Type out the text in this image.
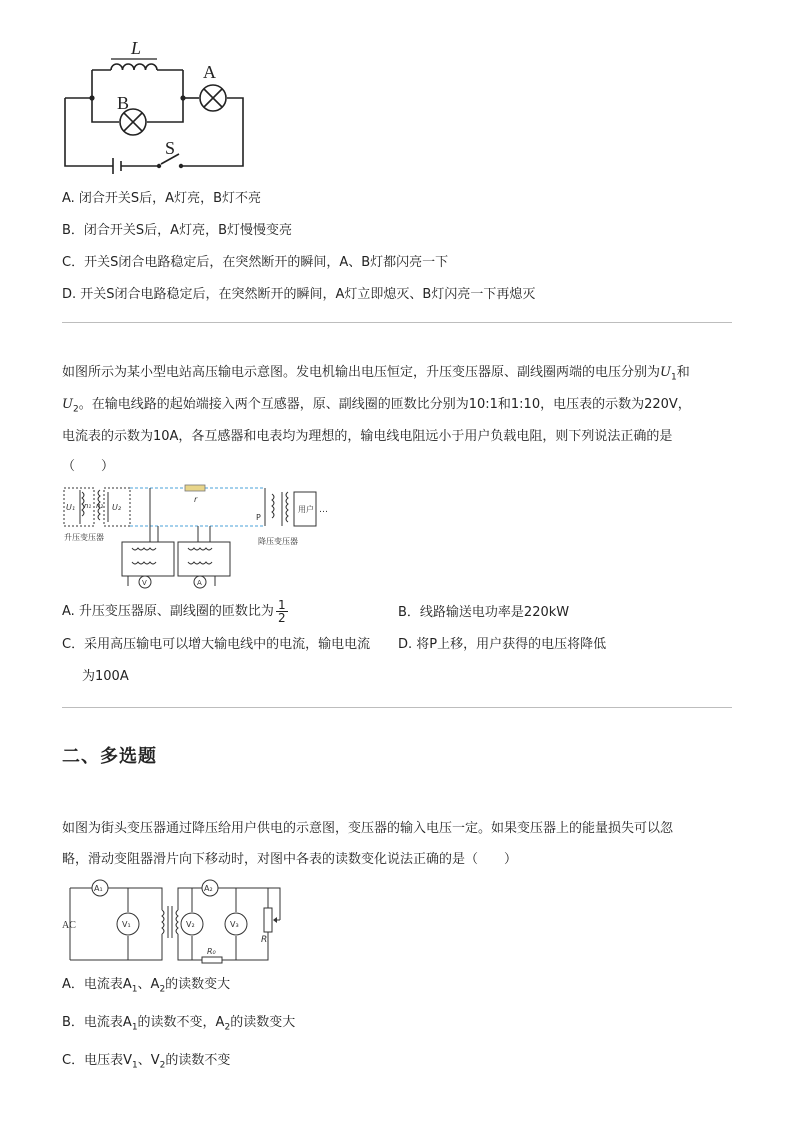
L
A
B
S
A. 闭合开关S后，A灯亮，B灯不亮
B．闭合开关S后，A灯亮，B灯慢慢变亮
C．开关S闭合电路稳定后，在突然断开的瞬间，A、B灯都闪亮一下
D. 开关S闭合电路稳定后，在突然断开的瞬间，A灯立即熄灭、B灯闪亮一下再熄灭
如图所示为某小型电站高压输电示意图。发电机输出电压恒定，升压变压器原、副线圈两端的电压分别为$U_1$和
$U_2$。在输电线路的起始端接入两个互感器，原、副线圈的匝数比分别为10:1和1:10，电压表的示数为220V，
电流表的示数为10A，各互感器和电表均为理想的，输电线电阻远小于用户负载电阻，则下列说法正确的是
（　　）
r
U₁ n₁ n₂ U₂
升压变压器	降压变压器
P
用户 …
V	A
A. 升压变压器原、副线圈的匝数比为 $\frac{1}{2}$	B．线路输送电功率是220kW
C．采用高压输电可以增大输电线中的电流，输电电流 D. 将P上移，用户获得的电压将降低
为100A
二、多选题
如图为街头变压器通过降压给用户供电的示意图，变压器的输入电压一定。如果变压器上的能量损失可以忽
略，滑动变阻器滑片向下移动时，对图中各表的读数变化说法正确的是（　　）
AC
A₁	A₂
V₁	V₂	V₃
R
R₀
A．电流表$A_1$、$A_2$的读数变大
B．电流表$A_1$的读数不变，$A_2$的读数变大
C．电压表$V_1$、$V_2$的读数不变
